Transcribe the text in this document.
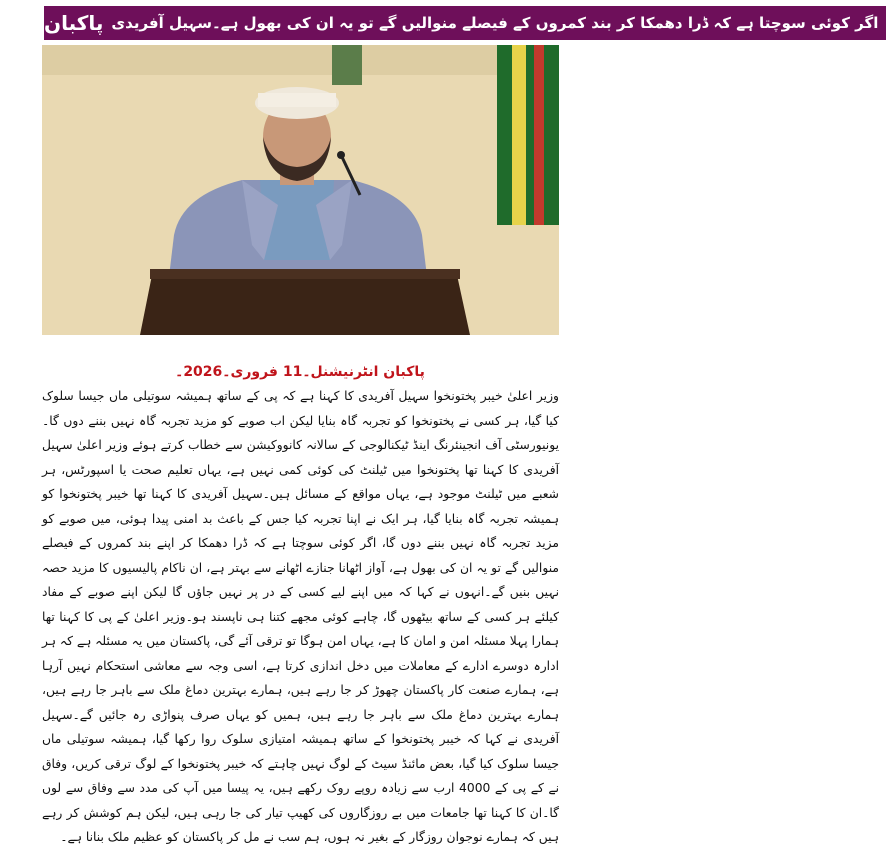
پاکبان اگر کوئی سوچتا ہے کہ ڈرا دھمکا کر بند کمروں کے فیصلے منوالیں گے تو یہ ان کی بھول ہے۔سہیل آفریدی
پاکبان انٹرنیشنل۔11 فروری۔2026۔

وزیر اعلیٰ خیبر پختونخوا سہیل آفریدی کا کہنا ہے کہ پی کے ساتھ ہمیشہ سوتیلی ماں جیسا سلوک کیا گیا، ہر کسی نے پختونخوا کو تجربہ گاہ بنایا لیکن اب صوبے کو مزید تجربہ گاہ نہیں بننے دوں گا۔ یونیورسٹی آف انجینئرنگ اینڈ ٹیکنالوجی کے سالانہ کانووکیشن سے خطاب کرتے ہوئے وزیر اعلیٰ سہیل آفریدی کا کہنا تھا پختونخوا میں ٹیلنٹ کی کوئی کمی نہیں ہے، یہاں تعلیم صحت یا اسپورٹس، ہر شعبے میں ٹیلنٹ موجود ہے، یہاں مواقع کے مسائل ہیں۔سہیل آفریدی کا کہنا تھا خیبر پختونخوا کو ہمیشہ تجربہ گاہ بنایا گیا، ہر ایک نے اپنا تجربہ کیا جس کے باعث بد امنی پیدا ہوئی، میں صوبے کو مزید تجربہ گاہ نہیں بننے دوں گا، اگر کوئی سوچتا ہے کہ ڈرا دھمکا کر اپنے بند کمروں کے فیصلے منوالیں گے تو یہ ان کی بھول ہے، آواز اٹھانا جنازے اٹھانے سے بہتر ہے، ان ناکام پالیسیوں کا مزید حصہ نہیں بنیں گے۔انہوں نے کہا کہ میں اپنے لیے کسی کے در پر نہیں جاؤں گا لیکن اپنے صوبے کے مفاد کیلئے ہر کسی کے ساتھ بیٹھوں گا، چاہے کوئی مجھے کتنا ہی ناپسند ہو۔وزیر اعلیٰ کے پی کا کہنا تھا ہمارا پہلا مسئلہ امن و امان کا ہے، یہاں امن ہوگا تو ترقی آئے گی، پاکستان میں یہ مسئلہ ہے کہ ہر ادارہ دوسرے ادارے کے معاملات میں دخل اندازی کرتا ہے، اسی وجہ سے معاشی استحکام نہیں آرہا ہے، ہمارے صنعت کار پاکستان چھوڑ کر جا رہے ہیں، ہمارے بہترین دماغ ملک سے باہر جا رہے ہیں، ہمارے بہترین دماغ ملک سے باہر جا رہے ہیں، ہمیں کو یہاں صرف پنواڑی رہ جائیں گے۔سہیل آفریدی نے کہا کہ خیبر پختونخوا کے ساتھ ہمیشہ امتیازی سلوک روا رکھا گیا، ہمیشہ سوتیلی ماں جیسا سلوک کیا گیا، بعض مائنڈ سیٹ کے لوگ نہیں چاہتے کہ خیبر پختونخوا کے لوگ ترقی کریں، وفاق نے کے پی کے 4000 ارب سے زیادہ روپے روک رکھے ہیں، یہ پیسا میں آپ کی مدد سے وفاق سے لوں گا۔ان کا کہنا تھا جامعات میں بے روزگاروں کی کھیپ تیار کی جا رہی ہیں، لیکن ہم کوشش کر رہے ہیں کہ ہمارے نوجوان روزگار کے بغیر نہ ہوں، ہم سب نے مل کر پاکستان کو عظیم ملک بنانا ہے۔
